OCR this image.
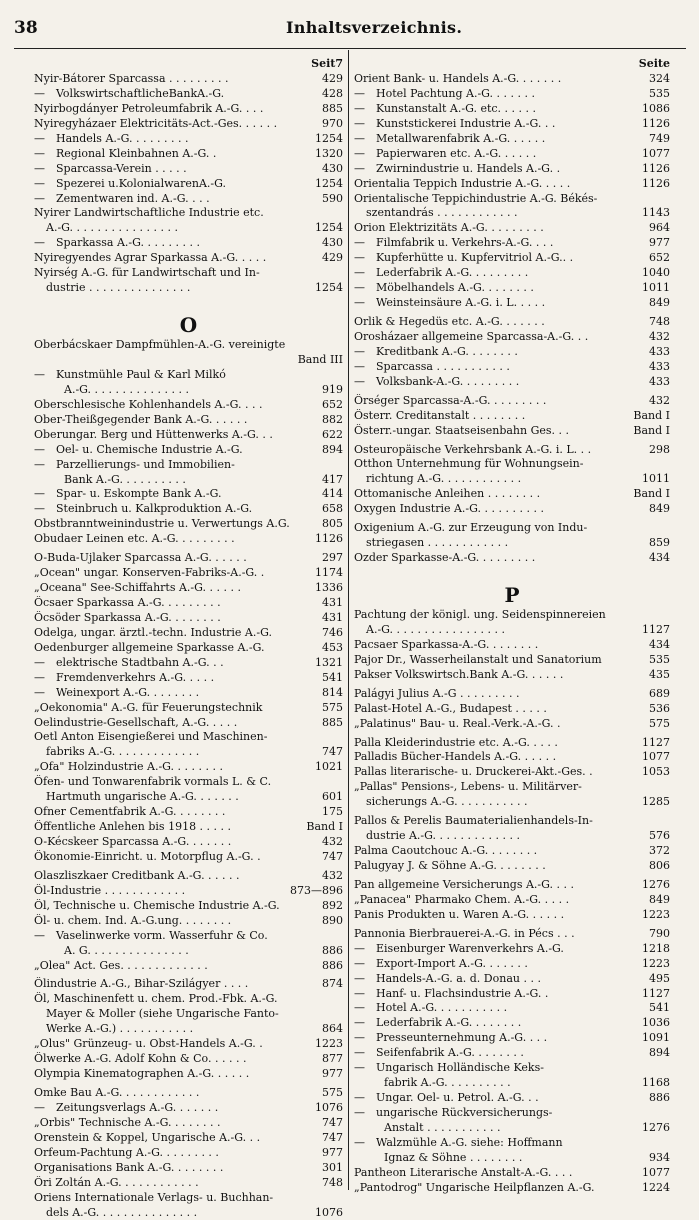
38	Inhaltsverzeichnis.
Seit7
Nyir-Bátorer Sparcassa . . . . . . . . .	429
— VolkswirtschaftlicheBankA.-G.	428
Nyirbogdányer Petroleumfabrik A.-G. . . .	885
Nyiregyházaer Elektricitäts-Act.-Ges. . . . . .	970
— Handels A.-G. . . . . . . . .	1254
— Regional Kleinbahnen A.-G. .	1320
— Sparcassa-Verein . . . . .	430
— Spezerei u.KolonialwarenA.-G.	1254
— Zementwaren ind. A.-G. . . .	590
Nyirer Landwirtschaftliche Industrie etc.
A.-G. . . . . . . . . . . . . . . .	1254
— Sparkassa A.-G. . . . . . . . .	430
Nyiregyendes Agrar Sparkassa A.-G. . . . .	429
Nyirség A.-G. für Landwirtschaft und In-
dustrie . . . . . . . . . . . . . . .	1254
O
Oberbácskaer Dampfmühlen-A.-G. vereinigte
Band III
— Kunstmühle Paul & Karl Milkó
A.-G. . . . . . . . . . . . . . .	919
Oberschlesische Kohlenhandels A.-G. . . .	652
Ober-Theißgegender Bank A.-G. . . . . .	882
Oberungar. Berg und Hüttenwerks A.-G. . .	622
— Oel- u. Chemische Industrie A.-G.	894
— Parzellierungs- und Immobilien-
Bank A.-G. . . . . . . . . .	417
— Spar- u. Eskompte Bank A.-G.	414
— Steinbruch u. Kalkproduktion A.-G.	658
Obstbranntweinindustrie u. Verwertungs A.G.	805
Obudaer Leinen etc. A.-G. . . . . . . . .	1126
O-Buda-Ujlaker Sparcassa A.-G. . . . . .	297
„Ocean" ungar. Konserven-Fabriks-A.-G. .	1174
„Oceana" See-Schiffahrts A.-G. . . . . .	1336
Öcsaer Sparkassa A.-G. . . . . . . . .	431
Öcsöder Sparkassa A.-G. . . . . . . .	431
Odelga, ungar. ärztl.-techn. Industrie A.-G.	746
Oedenburger allgemeine Sparkasse A.-G.	453
— elektrische Stadtbahn A.-G. . .	1321
— Fremdenverkehrs A.-G. . . . .	541
— Weinexport A.-G. . . . . . . .	814
„Oekonomia" A.-G. für Feuerungstechnik	575
Oelindustrie-Gesellschaft, A.-G. . . . .	885
Oetl Anton Eisengießerei und Maschinen-
fabriks A.-G. . . . . . . . . . . . .	747
„Ofa" Holzindustrie A.-G. . . . . . . .	1021
Öfen- und Tonwarenfabrik vormals L. & C.
Hartmuth ungarische A.-G. . . . . . .	601
Ofner Cementfabrik A.-G. . . . . . . .	175
Öffentliche Anlehen bis 1918 . . . . .	Band I
O-Kécskeer Sparcassa A.-G. . . . . . .	432
Ökonomie-Einricht. u. Motorpflug A.-G. .	747
Olaszliszkaer Creditbank A.-G. . . . . .	432
Öl-Industrie . . . . . . . . . . . .	873—896
Öl, Technische u. Chemische Industrie A.-G.	892
Öl- u. chem. Ind. A.-G.ung. . . . . . . .	890
— Vaselinwerke vorm. Wasserfuhr & Co.
A. G. . . . . . . . . . . . . . .	886
„Olea" Act. Ges. . . . . . . . . . . . .	886
Ölindustrie A.-G., Bihar-Szilágyer . . . .	874
Öl, Maschinenfett u. chem. Prod.-Fbk. A.-G.
Mayer & Moller (siehe Ungarische Fanto-
Werke A.-G.) . . . . . . . . . . .	864
„Olus" Grünzeug- u. Obst-Handels A.-G. .	1223
Ölwerke A.-G. Adolf Kohn & Co. . . . . .	877
Olympia Kinematographen A.-G. . . . . .	977
Omke Bau A.-G. . . . . . . . . . . .	575
— Zeitungsverlags A.-G. . . . . . .	1076
„Orbis" Technische A.-G. . . . . . . .	747
Orenstein & Koppel, Ungarische A.-G. . .	747
Orfeum-Pachtung A.-G. . . . . . . . .	977
Organisations Bank A.-G. . . . . . . .	301
Öri Zoltán A.-G. . . . . . . . . . . .	748
Oriens Internationale Verlags- u. Buchhan-
dels A.-G. . . . . . . . . . . . . . .	1076
Seite
Orient Bank- u. Handels A.-G. . . . . . .	324
— Hotel Pachtung A.-G. . . . . . .	535
— Kunstanstalt A.-G. etc. . . . . .	1086
— Kunststickerei Industrie A.-G. . .	1126
— Metallwarenfabrik A.-G. . . . . .	749
— Papierwaren etc. A.-G. . . . . .	1077
— Zwirnindustrie u. Handels A.-G. .	1126
Orientalia Teppich Industrie A.-G. . . . .	1126
Orientalische Teppichindustrie A.-G. Békés-
szentandrás . . . . . . . . . . . .	1143
Orion Elektrizitäts A.-G. . . . . . . . .	964
— Filmfabrik u. Verkehrs-A.-G. . . .	977
— Kupferhütte u. Kupfervitriol A.-G.. .	652
— Lederfabrik A.-G. . . . . . . . .	1040
— Möbelhandels A.-G. . . . . . . .	1011
— Weinsteinsäure A.-G. i. L. . . . .	849
Orlik & Hegedüs etc. A.-G. . . . . . .	748
Orosházaer allgemeine Sparcassa-A.-G. . .	432
— Kreditbank A.-G. . . . . . . .	433
— Sparcassa . . . . . . . . . . .	433
— Volksbank-A.-G. . . . . . . . .	433
Örséger Sparcassa-A.-G. . . . . . . . .	432
Österr. Creditanstalt . . . . . . . .	Band I
Österr.-ungar. Staatseisenbahn Ges. . .	Band I
Osteuropäische Verkehrsbank A.-G. i. L. . .	298
Otthon Unternehmung für Wohnungsein-
richtung A.-G. . . . . . . . . . . .	1011
Ottomanische Anleihen . . . . . . . .	Band I
Oxygen Industrie A.-G. . . . . . . . . .	849
Oxigenium A.-G. zur Erzeugung von Indu-
striegasen . . . . . . . . . . . .	859
Ozder Sparkasse-A.-G. . . . . . . . .	434
P
Pachtung der königl. ung. Seidenspinnereien
A.-G. . . . . . . . . . . . . . . . .	1127
Pacsaer Sparkassa-A.-G. . . . . . . .	434
Pajor Dr., Wasserheilanstalt und Sanatorium	535
Pakser Volkswirtsch.Bank A.-G. . . . . .	435
Palágyi Julius A.-G . . . . . . . . .	689
Palast-Hotel A.-G., Budapest . . . . .	536
„Palatinus" Bau- u. Real.-Verk.-A.-G. .	575
Palla Kleiderindustrie etc. A.-G. . . . .	1127
Palladis Bücher-Handels A.-G. . . . . .	1077
Pallas literarische- u. Druckerei-Akt.-Ges. .	1053
„Pallas" Pensions-, Lebens- u. Militärver-
sicherungs A.-G. . . . . . . . . . .	1285
Pallos & Perelis Baumaterialienhandels-In-
dustrie A.-G. . . . . . . . . . . . .	576
Palma Caoutchouc A.-G. . . . . . . .	372
Palugyay J. & Söhne A.-G. . . . . . . .	806
Pan allgemeine Versicherungs A.-G. . . .	1276
„Panacea" Pharmako Chem. A.-G. . . . .	849
Panis Produkten u. Waren A.-G. . . . . .	1223
Pannonia Bierbrauerei-A.-G. in Pécs . . .	790
— Eisenburger Warenverkehrs A.-G.	1218
— Export-Import A.-G. . . . . . .	1223
— Handels-A.-G. a. d. Donau . . .	495
— Hanf- u. Flachsindustrie A.-G. .	1127
— Hotel A.-G. . . . . . . . . . .	541
— Lederfabrik A.-G. . . . . . . .	1036
— Presseunternehmung A.-G. . . .	1091
— Seifenfabrik A.-G. . . . . . . .	894
— Ungarisch Holländische Keks-
fabrik A.-G. . . . . . . . . .	1168
— Ungar. Oel- u. Petrol. A.-G. . .	886
— ungarische Rückversicherungs-
Anstalt . . . . . . . . . . .	1276
— Walzmühle A.-G. siehe: Hoffmann
Ignaz & Söhne . . . . . . . .	934
Pantheon Literarische Anstalt-A.-G. . . .	1077
„Pantodrog" Ungarische Heilpflanzen A.-G.	1224
